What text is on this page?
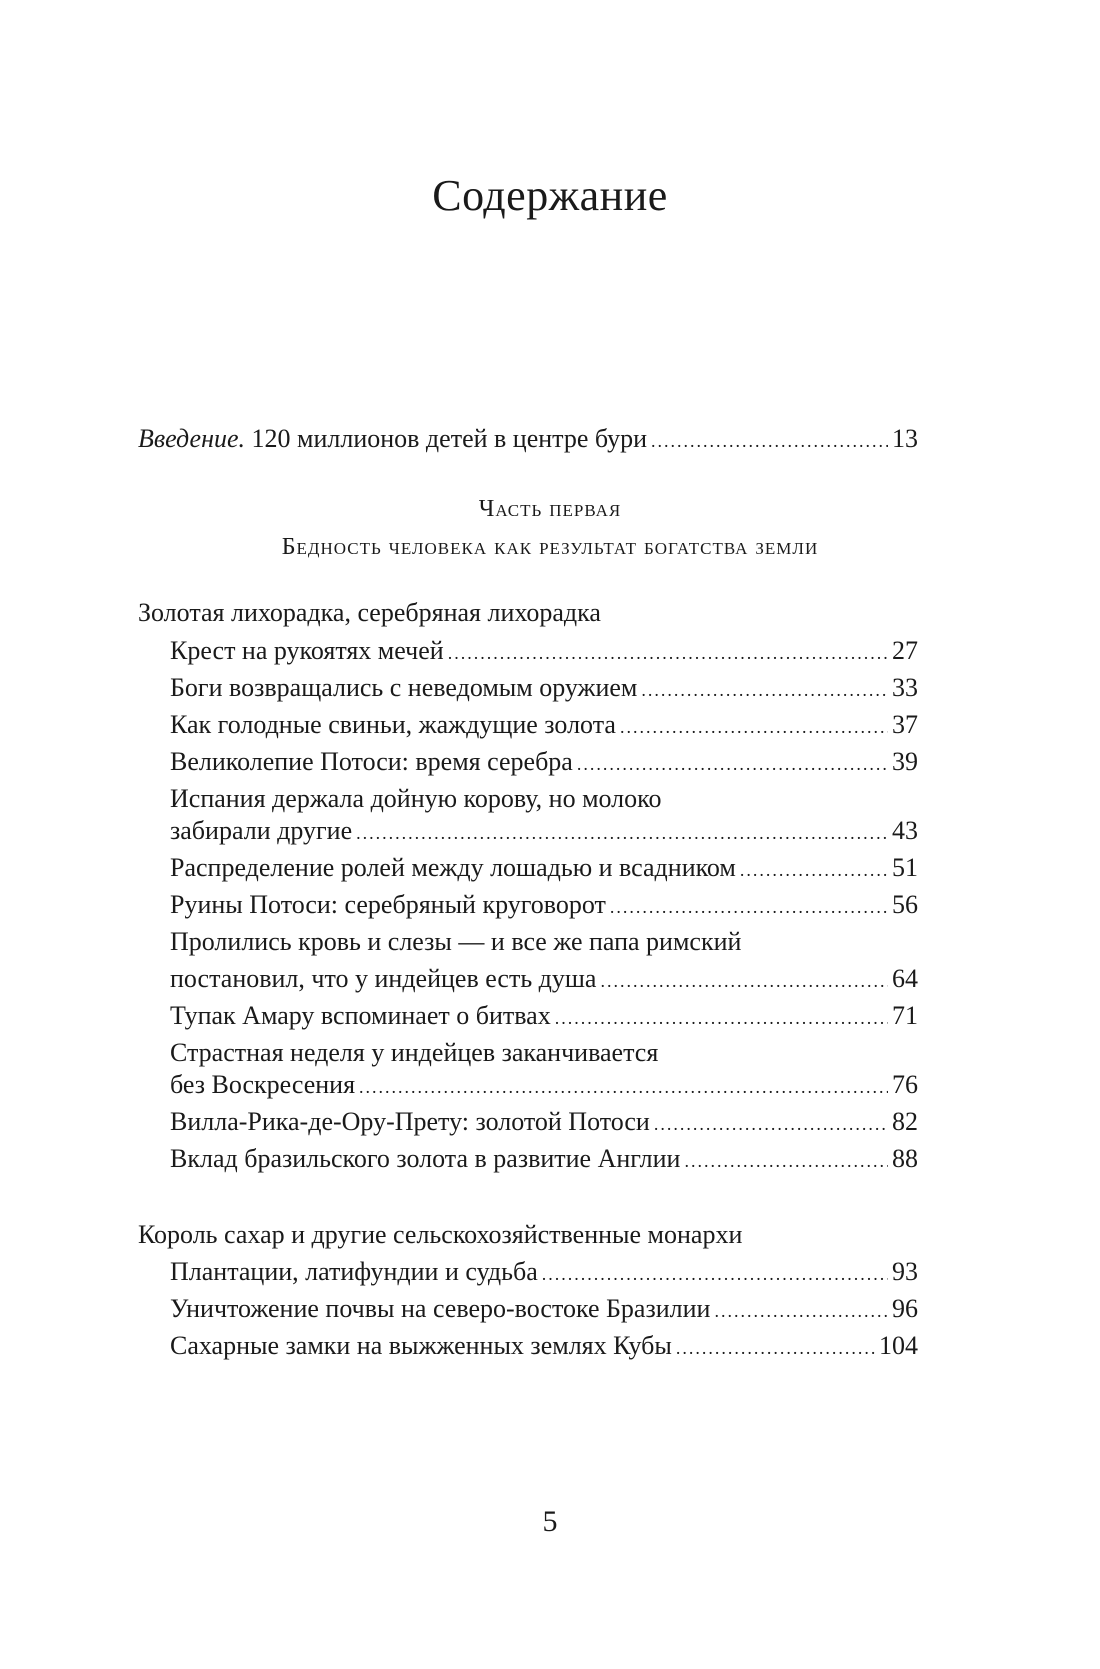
Содержание
Введение. 120 миллионов детей в центре бури .....	13
Часть первая
Бедность человека как результат богатства земли
Золотая лихорадка, серебряная лихорадка
Крест на рукоятях мечей .....	27
Боги возвращались с неведомым оружием .....	33
Как голодные свиньи, жаждущие золота .....	37
Великолепие Потоси: время серебра .....	39
Испания держала дойную корову, но молоко
забирали другие .....	43
Распределение ролей между лошадью и всадником .....	51
Руины Потоси: серебряный круговорот .....	56
Пролились кровь и слезы — и все же папа римский
постановил, что у индейцев есть душа .....	64
Тупак Амару вспоминает о битвах .....	71
Страстная неделя у индейцев заканчивается
без Воскресения .....	76
Вилла-Рика-де-Ору-Прету: золотой Потоси .....	82
Вклад бразильского золота в развитие Англии .....	88
Король сахар и другие сельскохозяйственные монархи
Плантации, латифундии и судьба .....	93
Уничтожение почвы на северо-востоке Бразилии .....	96
Сахарные замки на выжженных землях Кубы .....	104
5
